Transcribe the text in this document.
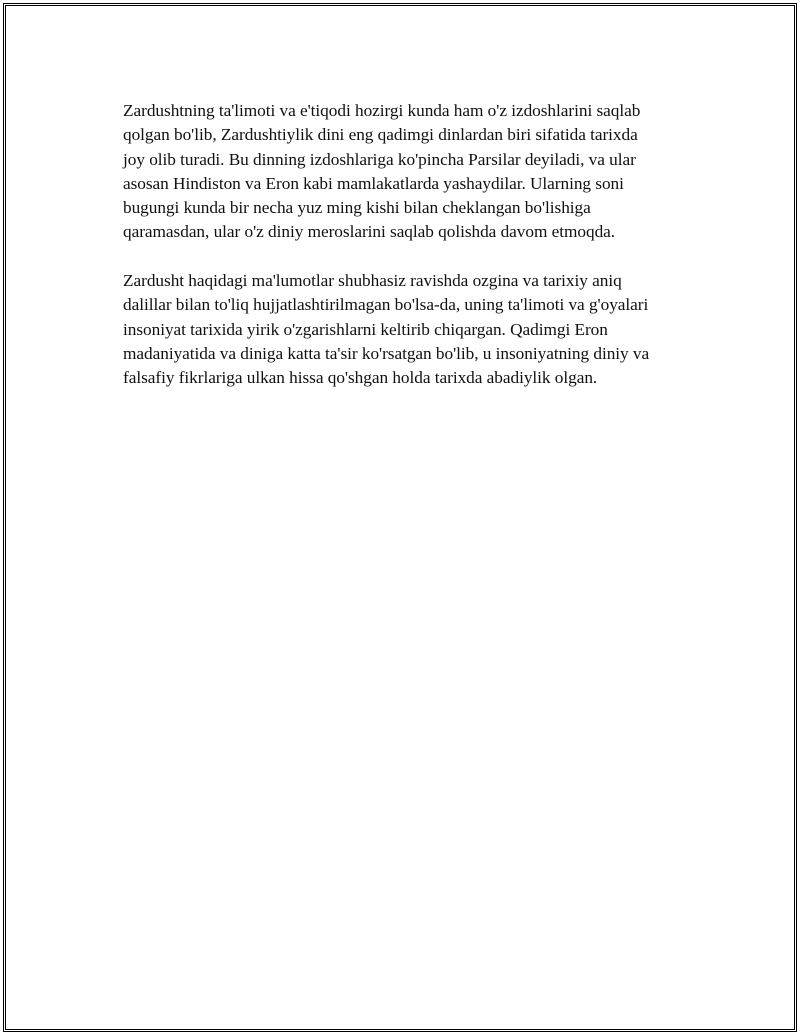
Zardushtning ta'limoti va e'tiqodi hozirgi kunda ham o'z izdoshlarini saqlab
qolgan bo'lib, Zardushtiylik dini eng qadimgi dinlardan biri sifatida tarixda
joy olib turadi. Bu dinning izdoshlariga ko'pincha Parsilar deyiladi, va ular
asosan Hindiston va Eron kabi mamlakatlarda yashaydilar. Ularning soni
bugungi kunda bir necha yuz ming kishi bilan cheklangan bo'lishiga
qaramasdan, ular o'z diniy meroslarini saqlab qolishda davom etmoqda.

Zardusht haqidagi ma'lumotlar shubhasiz ravishda ozgina va tarixiy aniq
dalillar bilan to'liq hujjatlashtirilmagan bo'lsa-da, uning ta'limoti va g'oyalari
insoniyat tarixida yirik o'zgarishlarni keltirib chiqargan. Qadimgi Eron
madaniyatida va diniga katta ta'sir ko'rsatgan bo'lib, u insoniyatning diniy va
falsafiy fikrlariga ulkan hissa qo'shgan holda tarixda abadiylik olgan.
